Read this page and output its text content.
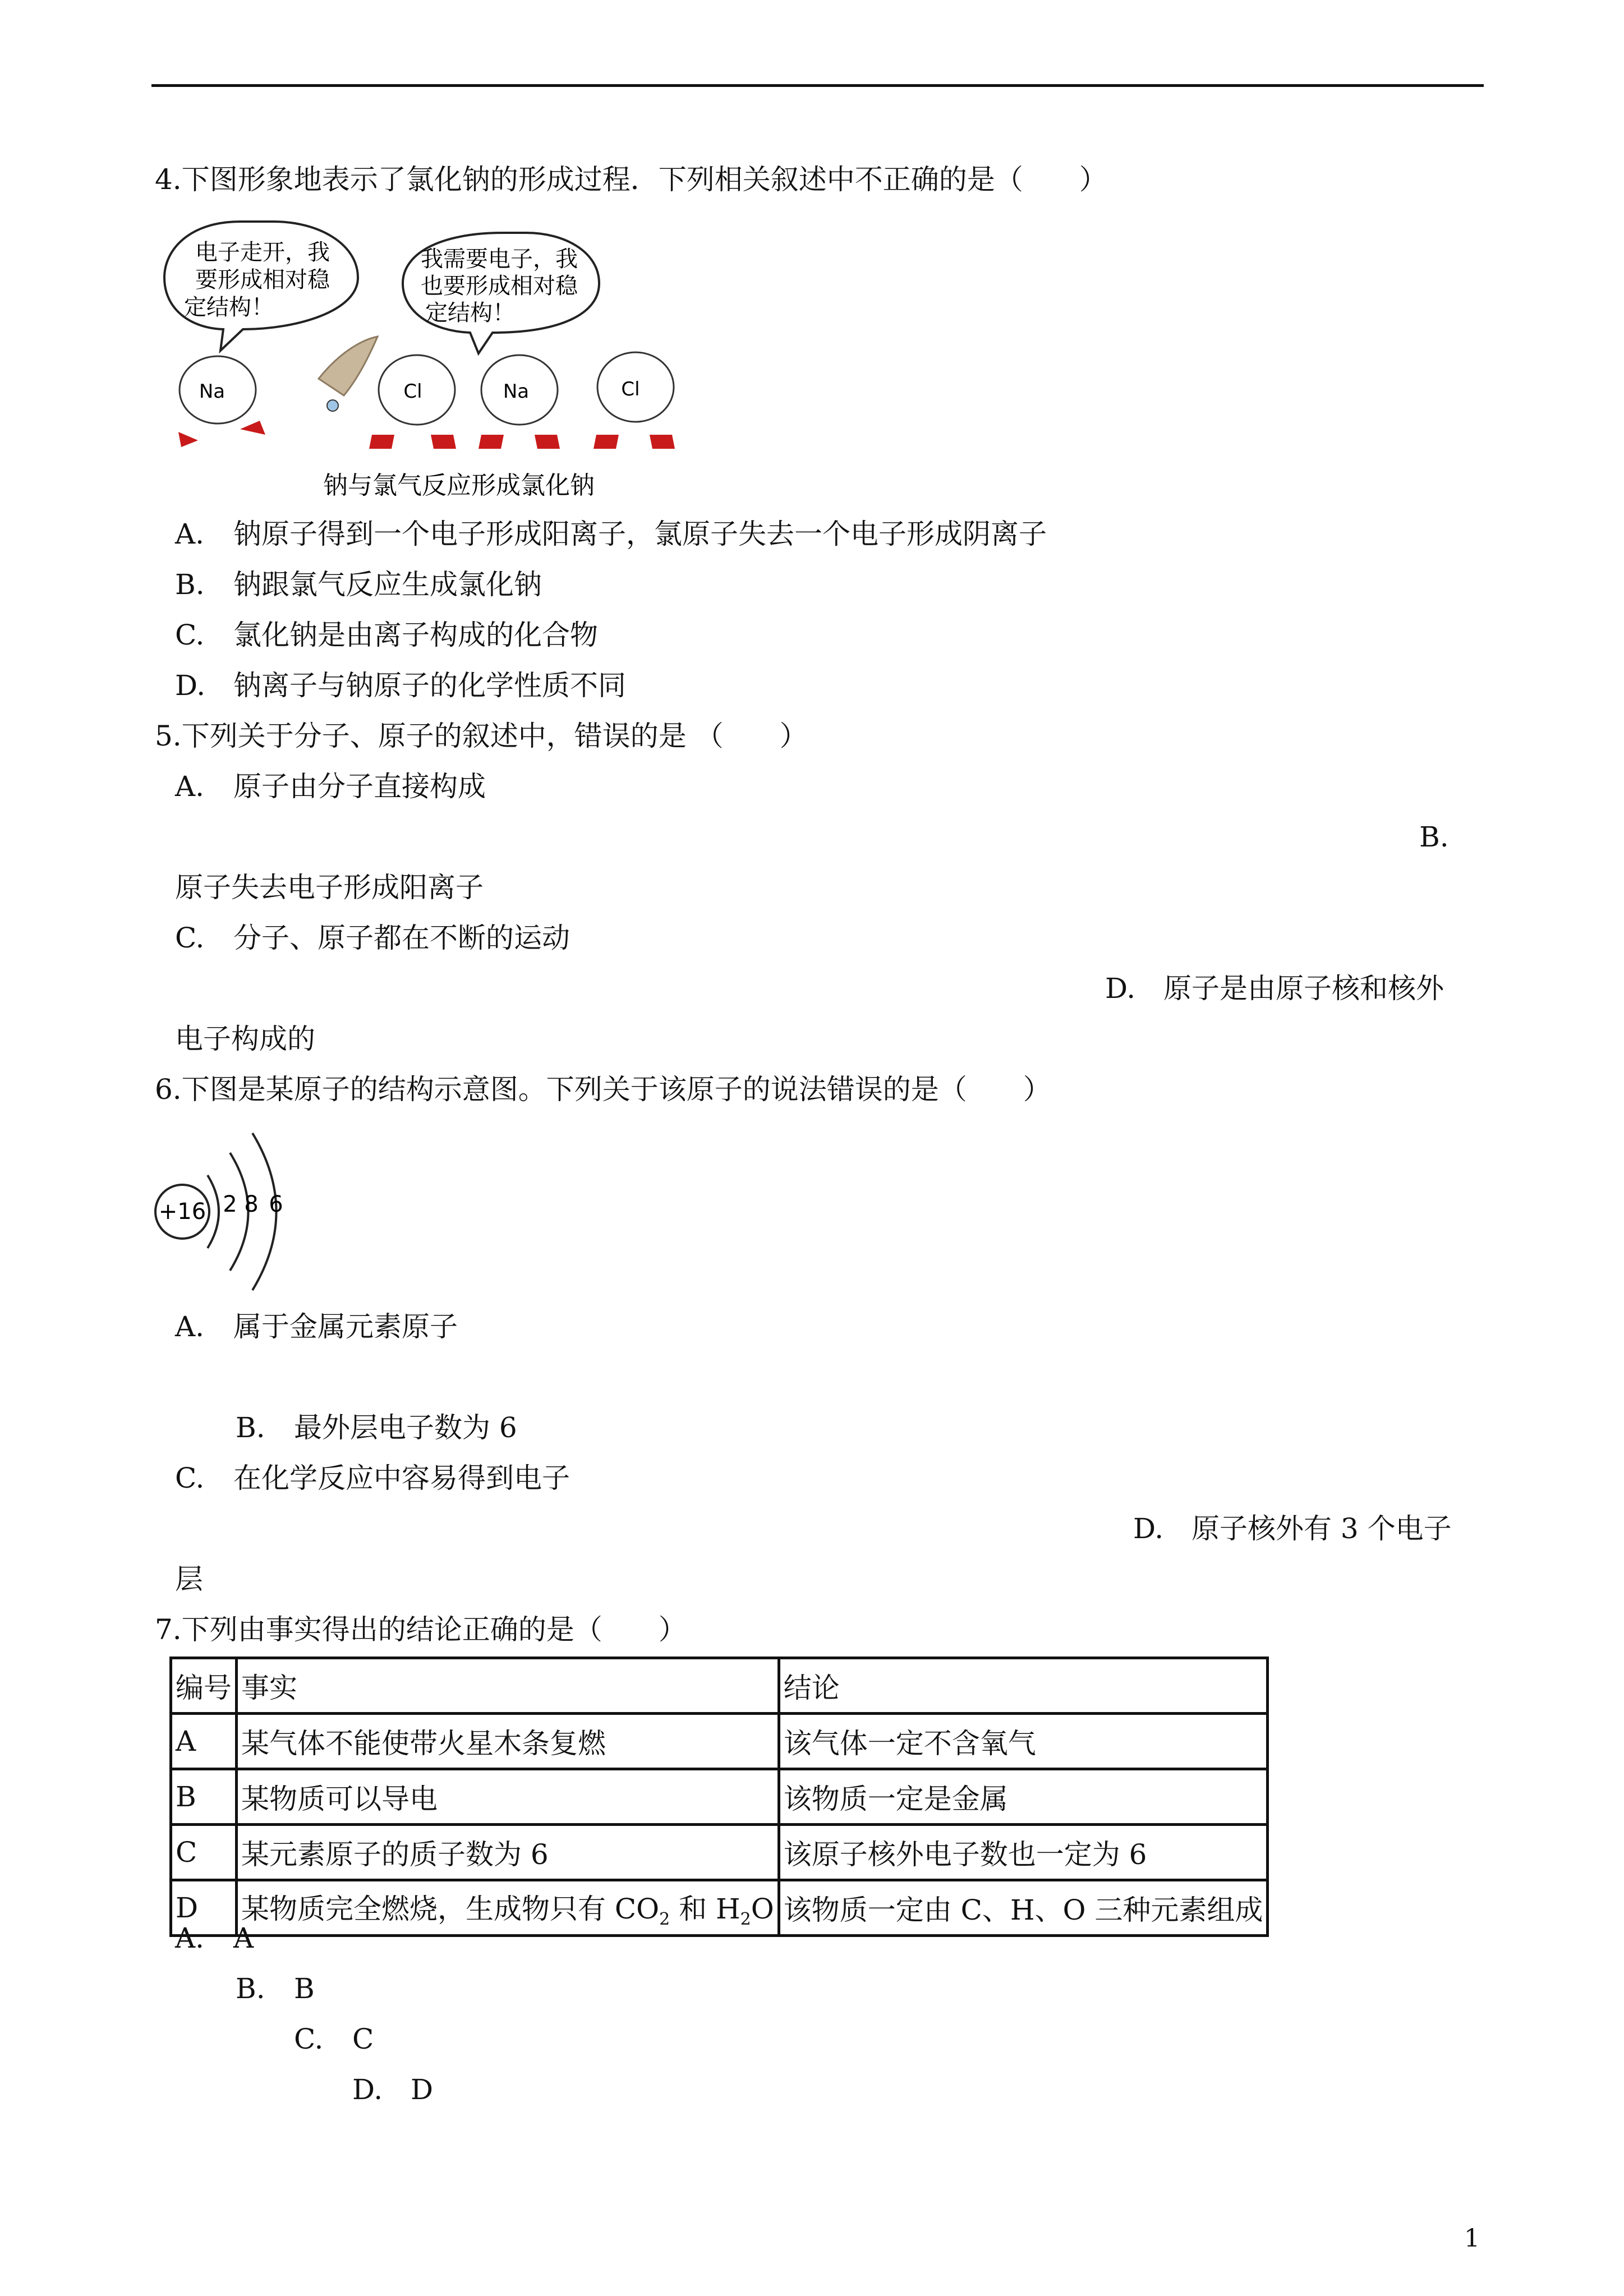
4.下图形象地表示了氯化钠的形成过程．下列相关叙述中不正确的是（　　）
电子走开，我
要形成相对稳
定结构！
我需要电子，我
也要形成相对稳
定结构！
Na	Cl	Na	Cl
钠与氯气反应形成氯化钠
A. 钠原子得到一个电子形成阳离子，氯原子失去一个电子形成阴离子
B. 钠跟氯气反应生成氯化钠
C. 氯化钠是由离子构成的化合物
D. 钠离子与钠原子的化学性质不同
5.下列关于分子、原子的叙述中，错误的是 （　　）
A. 原子由分子直接构成
B.
原子失去电子形成阳离子
C. 分子、原子都在不断的运动
D. 原子是由原子核和核外
电子构成的
6.下图是某原子的结构示意图。下列关于该原子的说法错误的是（　　）
+16 2 8 6
A. 属于金属元素原子
B. 最外层电子数为 6
C. 在化学反应中容易得到电子
D. 原子核外有 3 个电子
层
7.下列由事实得出的结论正确的是（　　）
编号	事实	结论
A	某气体不能使带火星木条复燃	该气体一定不含氧气
B	某物质可以导电	该物质一定是金属
C	某元素原子的质子数为 6	该原子核外电子数也一定为 6
D	某物质完全燃烧，生成物只有 $CO_2$ 和 $H_2O$	该物质一定由 C、H、O 三种元素组成
A. A
B. B
C. C
D. D
1
